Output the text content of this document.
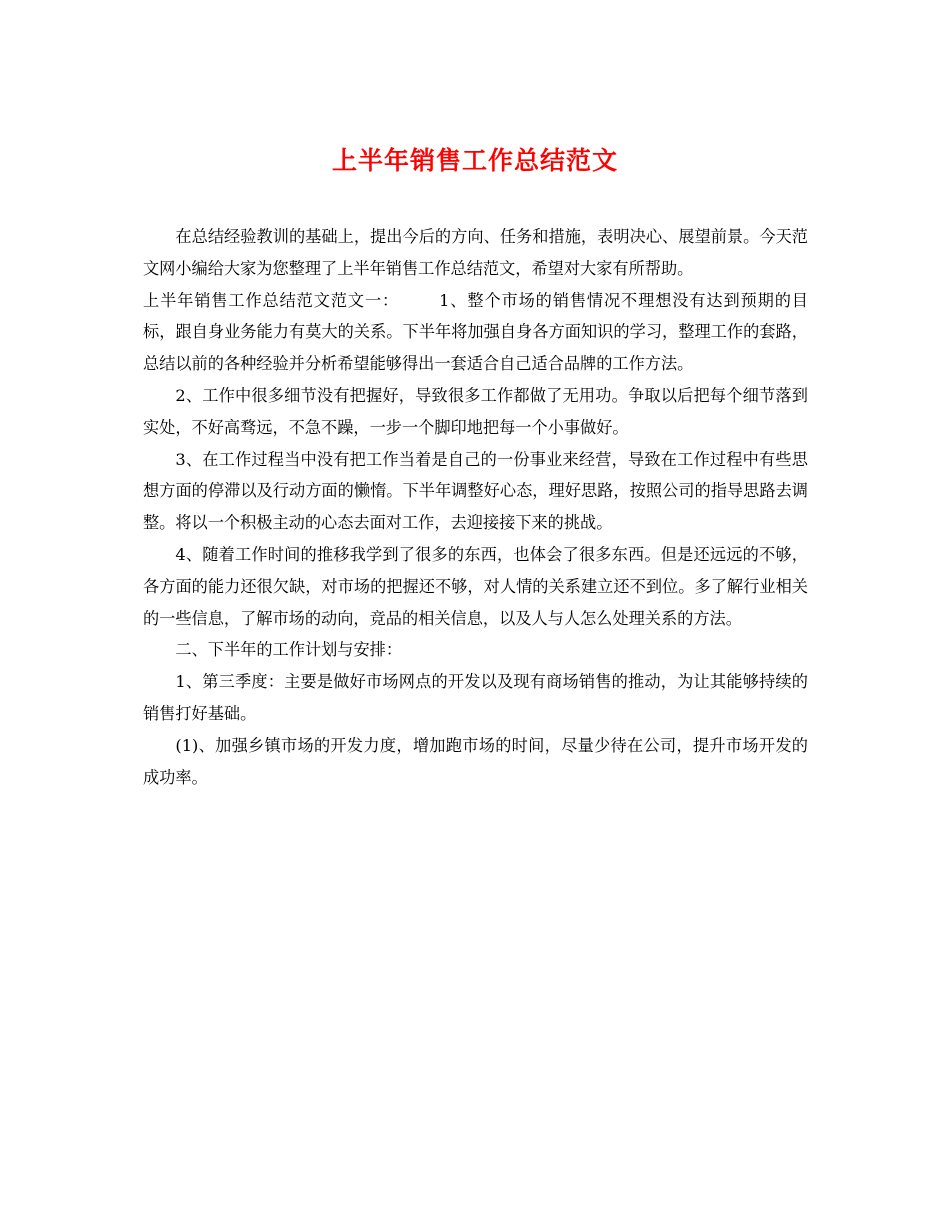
上半年销售工作总结范文

在总结经验教训的基础上，提出今后的方向、任务和措施，表明决心、展望前景。今天范文网小编给大家为您整理了上半年销售工作总结范文，希望对大家有所帮助。

上半年销售工作总结范文范文一： 1、整个市场的销售情况不理想没有达到预期的目标，跟自身业务能力有莫大的关系。下半年将加强自身各方面知识的学习，整理工作的套路，总结以前的各种经验并分析希望能够得出一套适合自己适合品牌的工作方法。

2、工作中很多细节没有把握好，导致很多工作都做了无用功。争取以后把每个细节落到实处，不好高骛远，不急不躁，一步一个脚印地把每一个小事做好。

3、在工作过程当中没有把工作当着是自己的一份事业来经营，导致在工作过程中有些思想方面的停滞以及行动方面的懒惰。下半年调整好心态，理好思路，按照公司的指导思路去调整。将以一个积极主动的心态去面对工作，去迎接接下来的挑战。

4、随着工作时间的推移我学到了很多的东西，也体会了很多东西。但是还远远的不够，各方面的能力还很欠缺，对市场的把握还不够，对人情的关系建立还不到位。多了解行业相关的一些信息，了解市场的动向，竞品的相关信息，以及人与人怎么处理关系的方法。

二、下半年的工作计划与安排：

1、第三季度：主要是做好市场网点的开发以及现有商场销售的推动，为让其能够持续的销售打好基础。

(1)、加强乡镇市场的开发力度，增加跑市场的时间，尽量少待在公司，提升市场开发的成功率。
